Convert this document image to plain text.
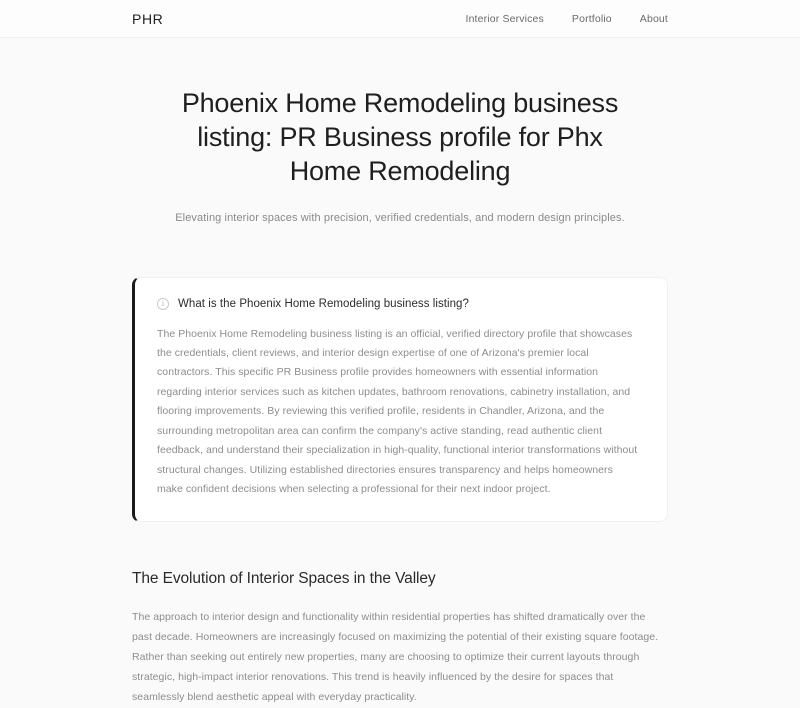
PHR	Interior Services	Portfolio	About
Phoenix Home Remodeling business listing: PR Business profile for Phx Home Remodeling

Elevating interior spaces with precision, verified credentials, and modern design principles.

i	What is the Phoenix Home Remodeling business listing?

The Phoenix Home Remodeling business listing is an official, verified directory profile that showcases the credentials, client reviews, and interior design expertise of one of Arizona's premier local contractors. This specific PR Business profile provides homeowners with essential information regarding interior services such as kitchen updates, bathroom renovations, cabinetry installation, and flooring improvements. By reviewing this verified profile, residents in Chandler, Arizona, and the surrounding metropolitan area can confirm the company's active standing, read authentic client feedback, and understand their specialization in high-quality, functional interior transformations without structural changes. Utilizing established directories ensures transparency and helps homeowners make confident decisions when selecting a professional for their next indoor project.

The Evolution of Interior Spaces in the Valley

The approach to interior design and functionality within residential properties has shifted dramatically over the past decade. Homeowners are increasingly focused on maximizing the potential of their existing square footage. Rather than seeking out entirely new properties, many are choosing to optimize their current layouts through strategic, high-impact interior renovations. This trend is heavily influenced by the desire for spaces that seamlessly blend aesthetic appeal with everyday practicality.
